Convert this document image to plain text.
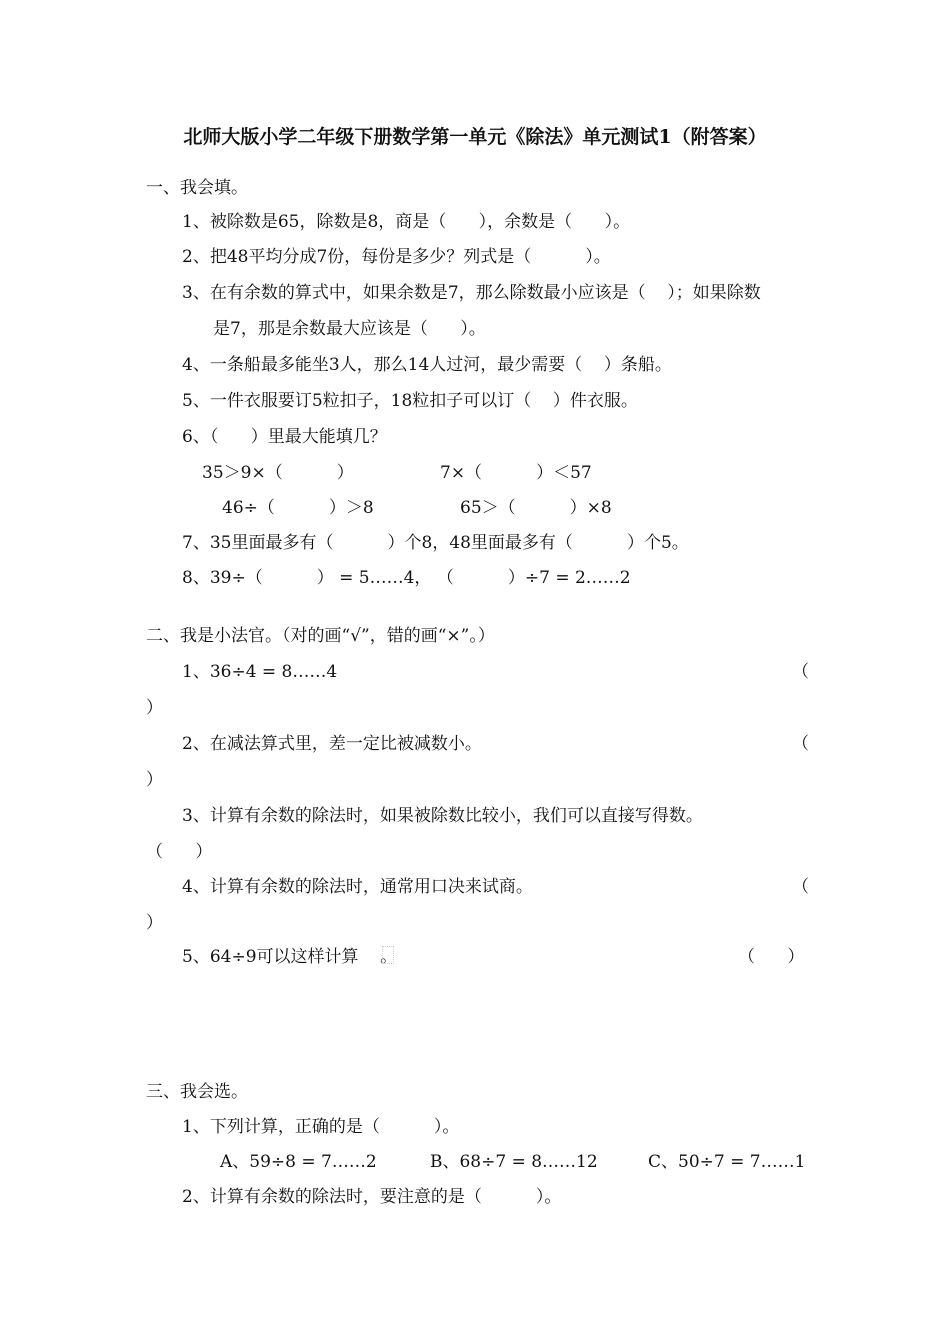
北师大版小学二年级下册数学第一单元《除法》单元测试1（附答案）
一、我会填。
1、被除数是65，除数是8，商是（      ），余数是（      ）。
2、把48平均分成7份，每份是多少？列式是（          ）。
3、在有余数的算式中，如果余数是7，那么除数最小应该是（    ）；如果除数
是7，那是余数最大应该是（      ）。
4、一条船最多能坐3人，那么14人过河，最少需要（    ）条船。
5、一件衣服要订5粒扣子，18粒扣子可以订（    ）件衣服。
6、（      ）里最大能填几？
35＞9×（          ）	7×（          ）＜57
46÷（          ）＞8	65＞（          ）×8
7、35里面最多有（          ）个8，48里面最多有（          ）个5。
8、39÷（          ） = 5……4， （          ）÷7 = 2……2
二、我是小法官。（对的画“√”，错的画“×”。）
1、36÷4 = 8……4	（
）
2、在减法算式里，差一定比被减数小。	（
）
3、计算有余数的除法时，如果被除数比较小，我们可以直接写得数。
（      ）
4、计算有余数的除法时，通常用口决来试商。	（
）
5、64÷9可以这样计算    。	（      ）
三、我会选。
1、下列计算，正确的是（          ）。
A、59÷8 = 7……2	B、68÷7 = 8……12	C、50÷7 = 7……1
2、计算有余数的除法时，要注意的是（          ）。
